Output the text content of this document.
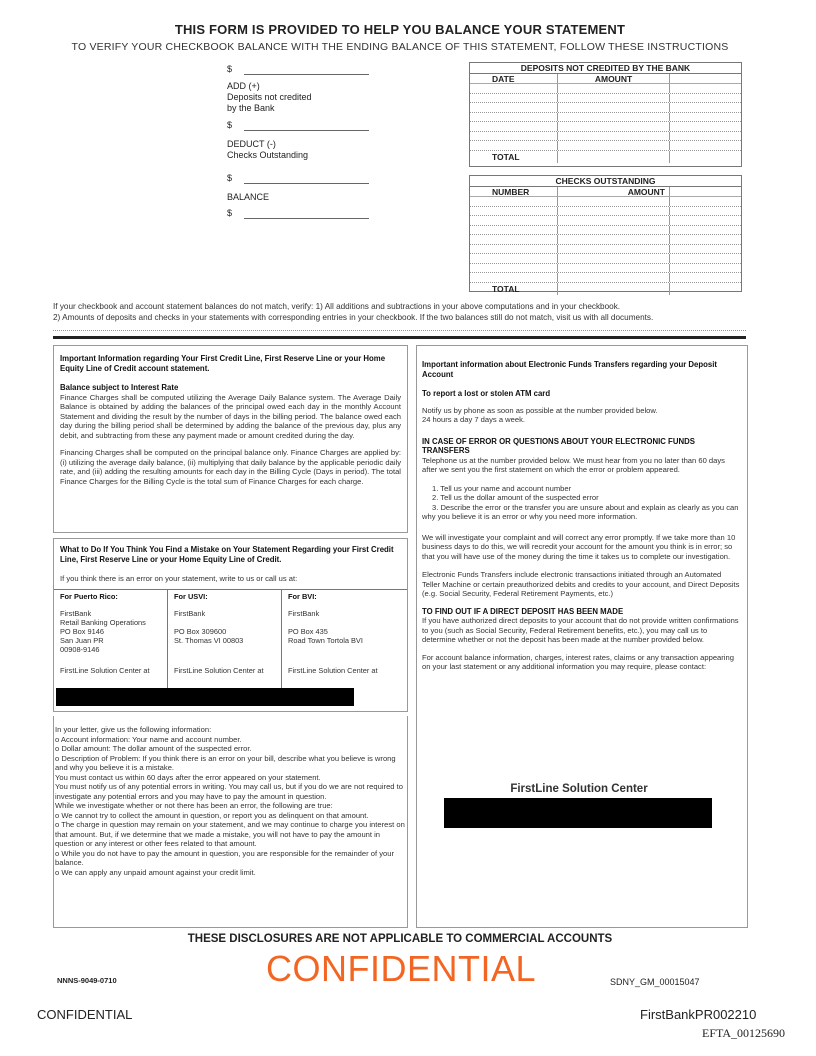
THIS FORM IS PROVIDED TO HELP YOU BALANCE YOUR STATEMENT
TO VERIFY YOUR CHECKBOOK BALANCE WITH THE ENDING BALANCE OF THIS STATEMENT, FOLLOW THESE INSTRUCTIONS
$
ADD (+)
Deposits not credited
by the Bank
$
DEDUCT (-)
Checks Outstanding
$
BALANCE
$
DEPOSITS NOT CREDITED BY THE BANK
DATE	AMOUNT
TOTAL
CHECKS OUTSTANDING
NUMBER	AMOUNT
TOTAL
If your checkbook and account statement balances do not match, verify: 1) All additions and subtractions in your above computations and in your checkbook.
2) Amounts of deposits and checks in your statements with corresponding entries in your checkbook. If the two balances still do not match, visit us with all documents.
Important Information regarding Your First Credit Line, First Reserve Line or your Home Equity Line of Credit account statement.
Balance subject to Interest Rate

Finance Charges shall be computed utilizing the Average Daily Balance system. The Average Daily Balance is obtained by adding the balances of the principal owed each day in the monthly Account Statement and dividing the result by the number of days in the billing period. The balance owed each day during the billing period shall be determined by adding the balance of the previous day, plus any debit, and subtracting from these any payment made or amount credited during the day.

Financing Charges shall be computed on the principal balance only. Finance Charges are applied by: (i) utilizing the average daily balance, (ii) multiplying that daily balance by the applicable periodic daily rate, and (iii) adding the resulting amounts for each day in the Billing Cycle (Days in period). The total Finance Charges for the Billing Cycle is the total sum of Finance Charges for each charge.

What to Do If You Think You Find a Mistake on Your Statement Regarding your First Credit Line, First Reserve Line or your Home Equity Line of Credit.

If you think there is an error on your statement, write to us or call us at:

For Puerto Rico:
FirstBank
Retail Banking Operations
PO Box 9146
San Juan PR
00908-9146
FirstLine Solution Center at
For USVI:
FirstBank

PO Box 309600
St. Thomas VI 00803

FirstLine Solution Center at
For BVI:
FirstBank

PO Box 435
Road Town Tortola BVI

FirstLine Solution Center at
In your letter, give us the following information:
o Account information: Your name and account number.
o Dollar amount: The dollar amount of the suspected error.
o Description of Problem: If you think there is an error on your bill, describe what you believe is wrong and why you believe it is a mistake.
You must contact us within 60 days after the error appeared on your statement.
You must notify us of any potential errors in writing. You may call us, but if you do we are not required to investigate any potential errors and you may have to pay the amount in question.
While we investigate whether or not there has been an error, the following are true:
o We cannot try to collect the amount in question, or report you as delinquent on that amount.
o The charge in question may remain on your statement, and we may continue to charge you interest on that amount. But, if we determine that we made a mistake, you will not have to pay the amount in question or any interest or other fees related to that amount.
o While you do not have to pay the amount in question, you are responsible for the remainder of your balance.
o We can apply any unpaid amount against your credit limit.
Important information about Electronic Funds Transfers regarding your Deposit Account
To report a lost or stolen ATM card
Notify us by phone as soon as possible at the number provided below.
24 hours a day 7 days a week.
IN CASE OF ERROR OR QUESTIONS ABOUT YOUR ELECTRONIC FUNDS TRANSFERS

Telephone us at the number provided below. We must hear from you no later than 60 days after we sent you the first statement on which the error or problem appeared.

1. Tell us your name and account number
2. Tell us the dollar amount of the suspected error

3. Describe the error or the transfer you are unsure about and explain as clearly as you can why you believe it is an error or why you need more information.

We will investigate your complaint and will correct any error promptly. If we take more than 10 business days to do this, we will recredit your account for the amount you think is in error; so that you will have use of the money during the time it takes us to complete our investigation.

Electronic Funds Transfers include electronic transactions initiated through an Automated Teller Machine or certain preauthorized debits and credits to your account, and Direct Deposits (e.g. Social Security, Federal Retirement Payments, etc.)

TO FIND OUT IF A DIRECT DEPOSIT HAS BEEN MADE

If you have authorized direct deposits to your account that do not provide written confirmations to you (such as Social Security, Federal Retirement benefits, etc.), you may call us to determine whether or not the deposit has been made at the number provided below.

For account balance information, charges, interest rates, claims or any transaction appearing on your last statement or any additional information you may require, please contact:

FirstLine Solution Center
THESE DISCLOSURES ARE NOT APPLICABLE TO COMMERCIAL ACCOUNTS
NNNS-9049-0710	CONFIDENTIAL	SDNY_GM_00015047
CONFIDENTIAL	FirstBankPR002210
EFTA_00125690
